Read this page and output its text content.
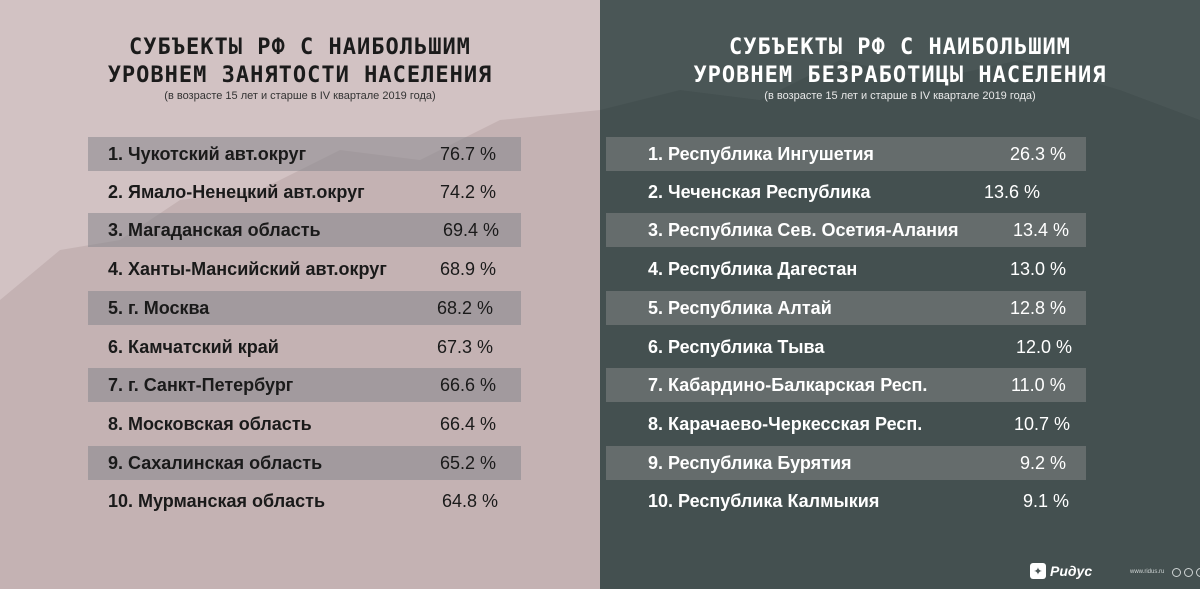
СУБЪЕКТЫ РФ С НАИБОЛЬШИМ
УРОВНЕМ ЗАНЯТОСТИ НАСЕЛЕНИЯ
(в возрасте 15 лет и старше в IV квартале 2019 года)
1. Чукотский авт.округ	76.7 %
2. Ямало-Ненецкий авт.округ	74.2 %
3. Магаданская область	69.4 %
4. Ханты-Мансийский авт.округ	68.9 %
5. г. Москва	68.2 %
6. Камчатский край	67.3 %
7. г. Санкт-Петербург	66.6 %
8. Московская область	66.4 %
9. Сахалинская область	65.2 %
10. Мурманская область	64.8 %
СУБЪЕКТЫ РФ С НАИБОЛЬШИМ
УРОВНЕМ БЕЗРАБОТИЦЫ НАСЕЛЕНИЯ
(в возрасте 15 лет и старше в IV квартале 2019 года)
1. Республика Ингушетия	26.3 %
2. Чеченская Республика	13.6 %
3. Республика Сев. Осетия-Алания	13.4 %
4. Республика Дагестан	13.0 %
5. Республика Алтай	12.8 %
6. Республика Тыва	12.0 %
7. Кабардино-Балкарская Респ.	11.0 %
8. Карачаево-Черкесская Респ.	10.7 %
9. Республика Бурятия	9.2 %
10. Республика Калмыкия	9.1 %
✦ Ридус	www.ridus.ru
